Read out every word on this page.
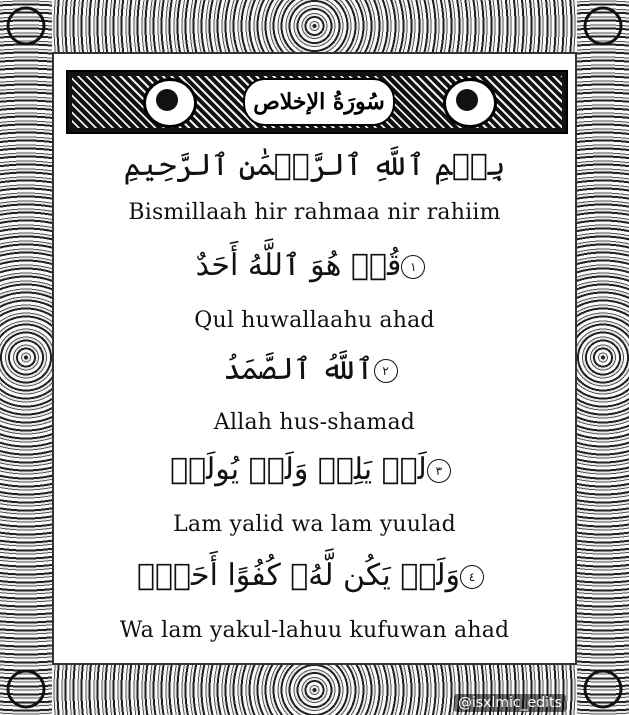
سُورَةُ الإخلاص
بِسۡمِ ٱللَّهِ ٱلرَّحۡمَٰنِ ٱلرَّحِيمِ
Bismillaah hir rahmaa nir rahiim
١قُلۡ هُوَ ٱللَّهُ أَحَدٌ
Qul huwallaahu ahad
٢ٱللَّهُ ٱلصَّمَدُ
Allah hus-shamad
٣لَمۡ يَلِدۡ وَلَمۡ يُولَدۡ
Lam yalid wa lam yuulad
٤وَلَمۡ يَكُن لَّهُۥ كُفُوًا أَحَدُۢ
Wa lam yakul-lahuu kufuwan ahad
@isxlmic_edits
